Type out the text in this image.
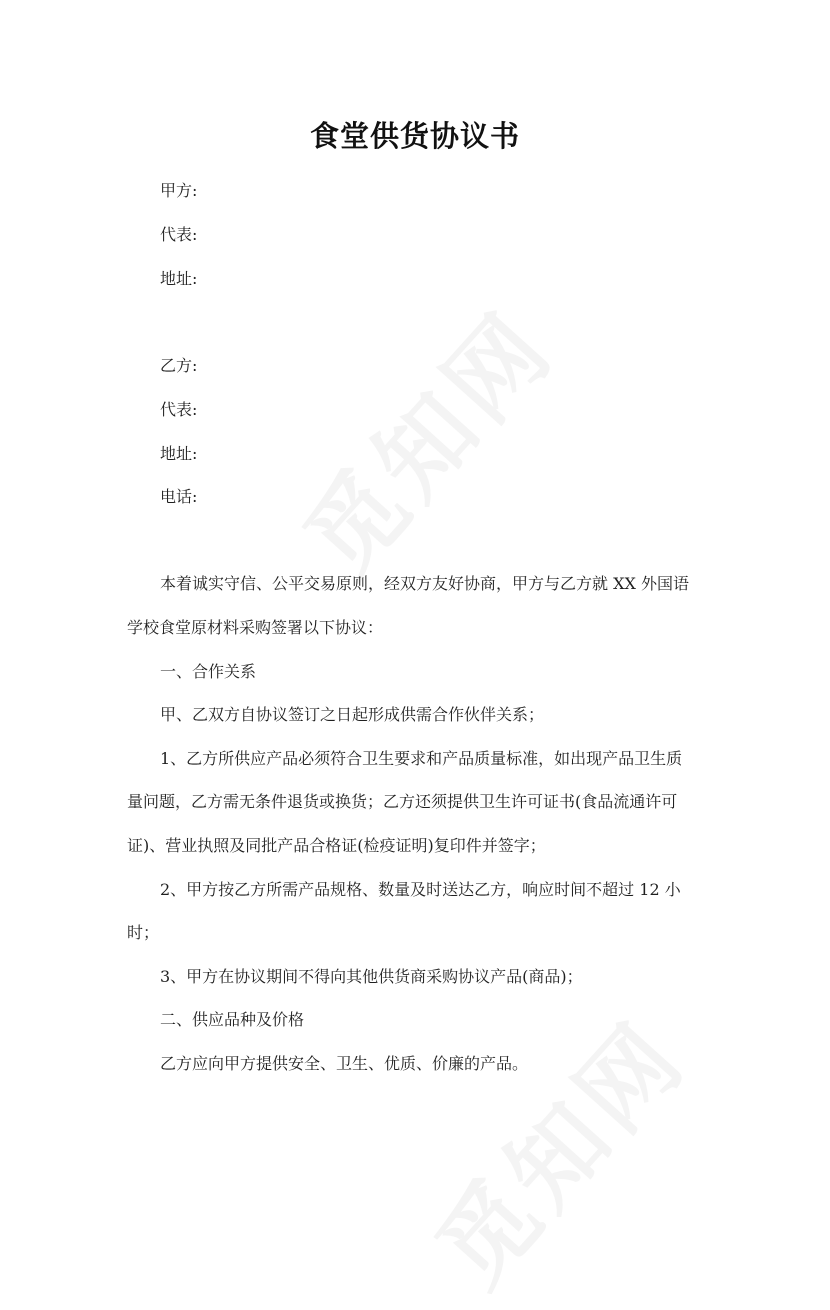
食堂供货协议书
甲方:
代表:
地址:
乙方:
代表:
地址:
电话:
本着诚实守信、公平交易原则，经双方友好协商，甲方与乙方就 XX 外国语
学校食堂原材料采购签署以下协议：
一、合作关系
甲、乙双方自协议签订之日起形成供需合作伙伴关系；
1、乙方所供应产品必须符合卫生要求和产品质量标准，如出现产品卫生质
量问题，乙方需无条件退货或换货；乙方还须提供卫生许可证书(食品流通许可
证)、营业执照及同批产品合格证(检疫证明)复印件并签字；
2、甲方按乙方所需产品规格、数量及时送达乙方，响应时间不超过 12 小
时；
3、甲方在协议期间不得向其他供货商采购协议产品(商品)；
二、供应品种及价格
乙方应向甲方提供安全、卫生、优质、价廉的产品。
